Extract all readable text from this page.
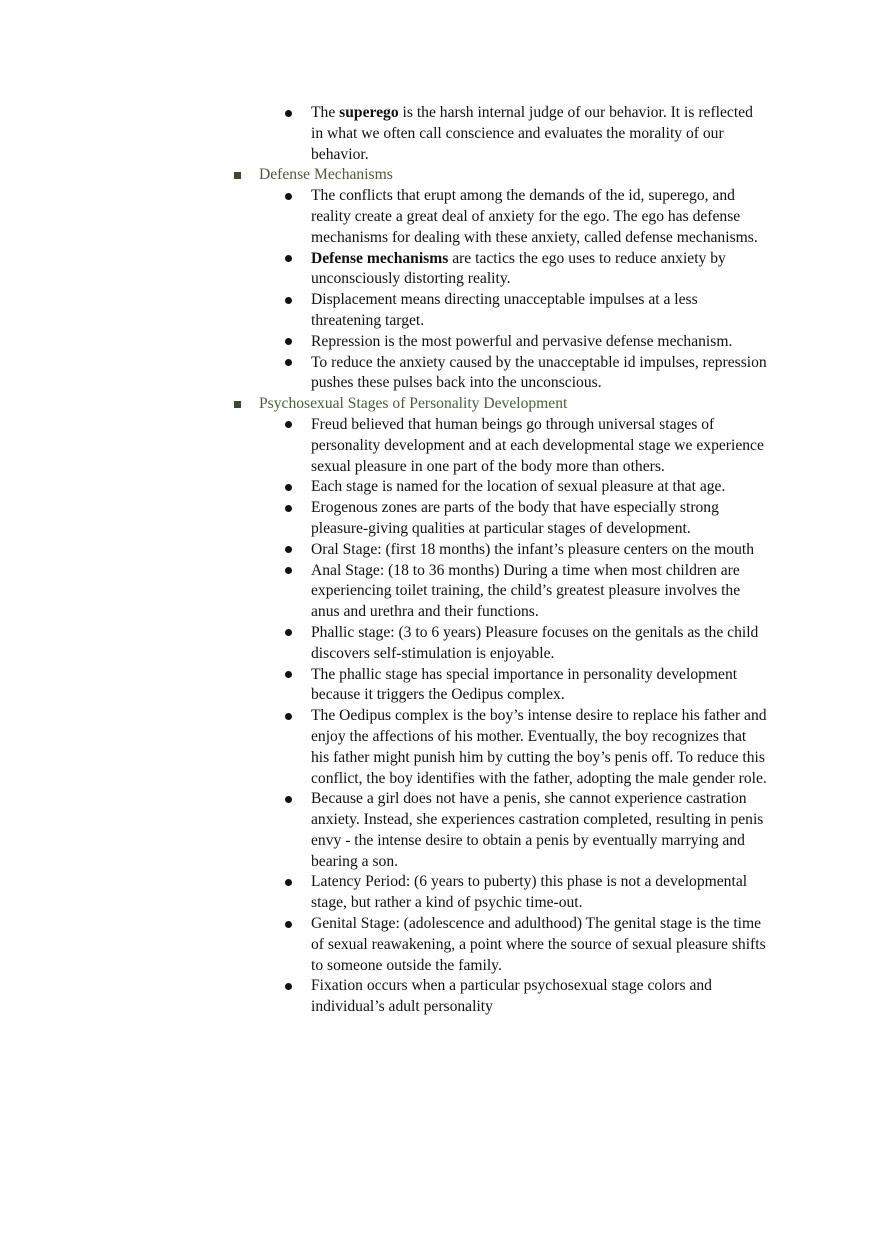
The superego is the harsh internal judge of our behavior. It is reflected
in what we often call conscience and evaluates the morality of our
behavior.
Defense Mechanisms
The conflicts that erupt among the demands of the id, superego, and
reality create a great deal of anxiety for the ego. The ego has defense
mechanisms for dealing with these anxiety, called defense mechanisms.
Defense mechanisms are tactics the ego uses to reduce anxiety by
unconsciously distorting reality.
Displacement means directing unacceptable impulses at a less
threatening target.
Repression is the most powerful and pervasive defense mechanism.
To reduce the anxiety caused by the unacceptable id impulses, repression
pushes these pulses back into the unconscious.
Psychosexual Stages of Personality Development
Freud believed that human beings go through universal stages of
personality development and at each developmental stage we experience
sexual pleasure in one part of the body more than others.
Each stage is named for the location of sexual pleasure at that age.
Erogenous zones are parts of the body that have especially strong
pleasure-giving qualities at particular stages of development.
Oral Stage: (first 18 months) the infant’s pleasure centers on the mouth
Anal Stage: (18 to 36 months) During a time when most children are
experiencing toilet training, the child’s greatest pleasure involves the
anus and urethra and their functions.
Phallic stage: (3 to 6 years) Pleasure focuses on the genitals as the child
discovers self-stimulation is enjoyable.
The phallic stage has special importance in personality development
because it triggers the Oedipus complex.
The Oedipus complex is the boy’s intense desire to replace his father and
enjoy the affections of his mother. Eventually, the boy recognizes that
his father might punish him by cutting the boy’s penis off. To reduce this
conflict, the boy identifies with the father, adopting the male gender role.
Because a girl does not have a penis, she cannot experience castration
anxiety. Instead, she experiences castration completed, resulting in penis
envy - the intense desire to obtain a penis by eventually marrying and
bearing a son.
Latency Period: (6 years to puberty) this phase is not a developmental
stage, but rather a kind of psychic time-out.
Genital Stage: (adolescence and adulthood) The genital stage is the time
of sexual reawakening, a point where the source of sexual pleasure shifts
to someone outside the family.
Fixation occurs when a particular psychosexual stage colors and
individual’s adult personality
